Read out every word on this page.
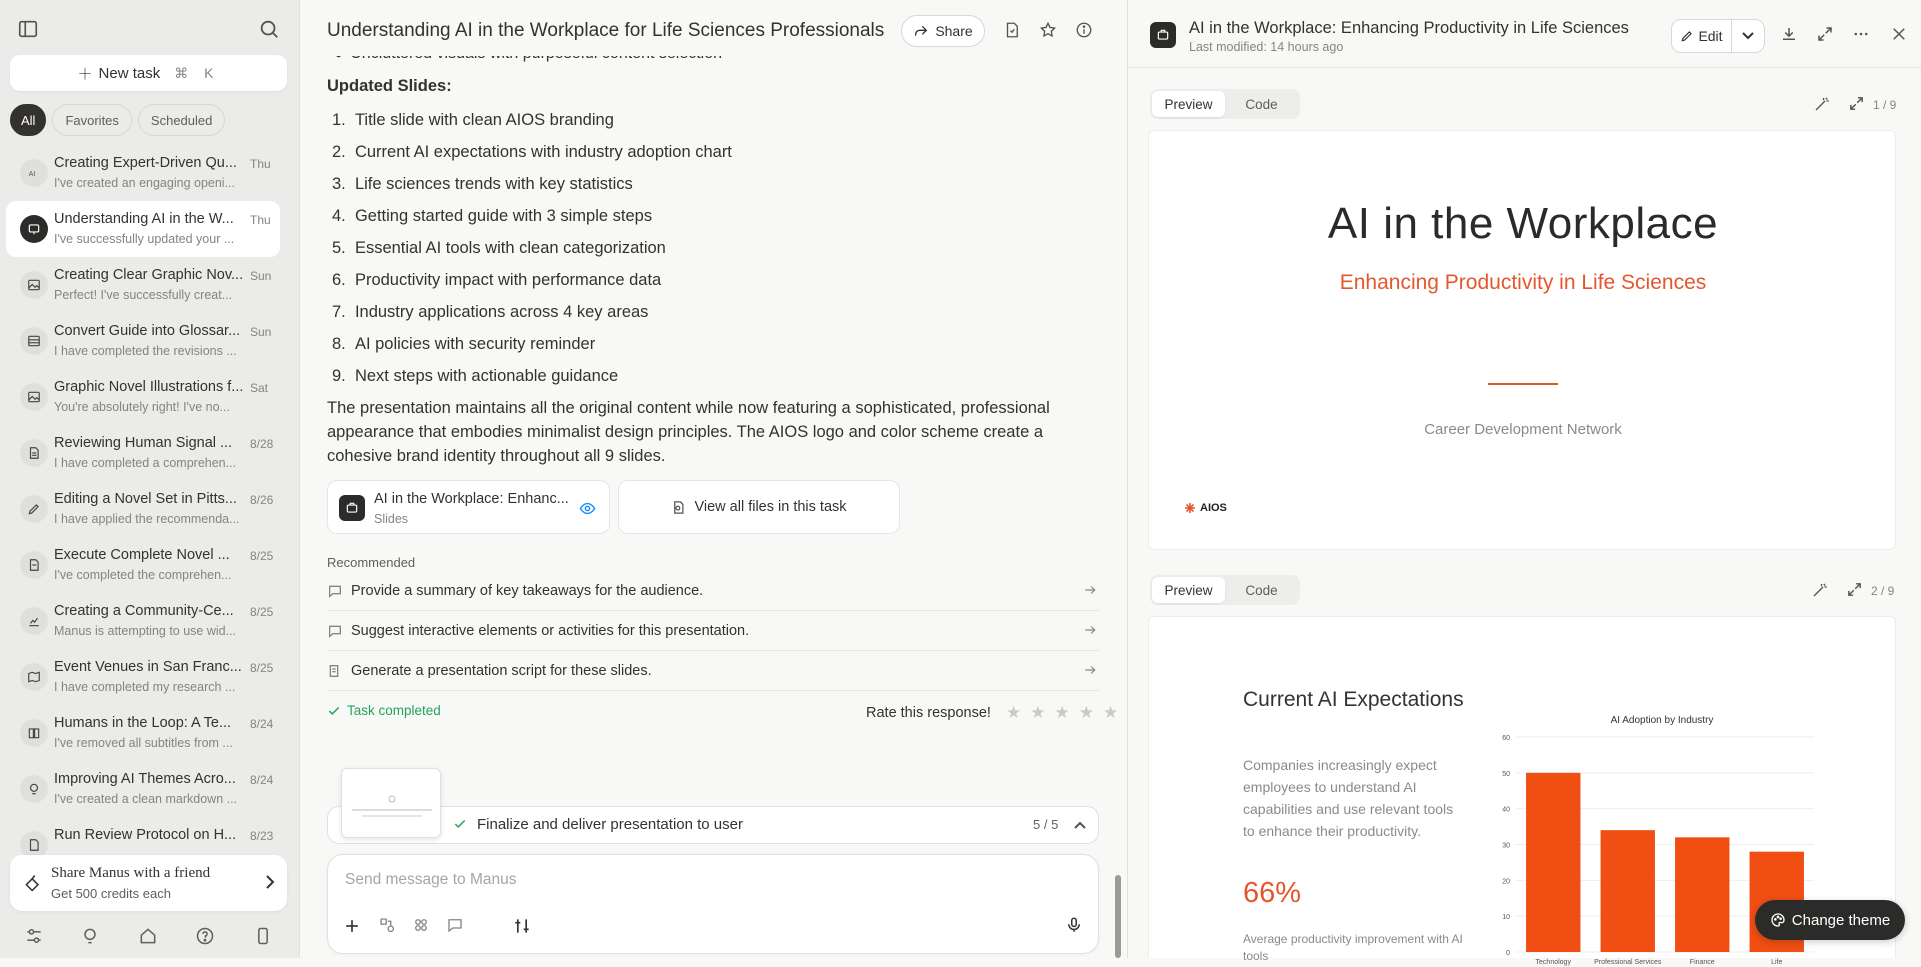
＋ New task ⌘ K
All	Favorites	Scheduled
AI
Creating Expert-Driven Qu...	Thu
I've created an engaging openi...
Understanding AI in the W...	Thu
I've successfully updated your ...
Creating Clear Graphic Nov... Sun
Perfect! I've successfully creat...
Convert Guide into Glossar... Sun
I have completed the revisions ...
Graphic Novel Illustrations f... Sat
You're absolutely right! I've no...
Reviewing Human Signal ...	8/28
I have completed a comprehen...
Editing a Novel Set in Pitts...	8/26
I have applied the recommenda...
Execute Complete Novel ...	8/25
I've completed the comprehen...
Creating a Community-Ce...	8/25
Manus is attempting to use wid...
Event Venues in San Franc... 8/25
I have completed my research ...
Humans in the Loop: A Te...	8/24
I've removed all subtitles from ...
Improving AI Themes Acro...	8/24
I've created a clean markdown ...
Run Review Protocol on H...	8/23
Share Manus with a friend
Get 500 credits each
Understanding AI in the Workplace for Life Sciences Professionals	Share
Updated Slides:
1.  Title slide with clean AIOS branding
2.  Current AI expectations with industry adoption chart
3.  Life sciences trends with key statistics
4.  Getting started guide with 3 simple steps
5.  Essential AI tools with clean categorization
6.  Productivity impact with performance data
7.  Industry applications across 4 key areas
8.  AI policies with security reminder
9.  Next steps with actionable guidance
The presentation maintains all the original content while now featuring a sophisticated, professional appearance that embodies minimalist design principles. The AIOS logo and color scheme create a cohesive brand identity throughout all 9 slides.
AI in the Workplace: Enhanc...
Slides
View all files in this task
Recommended
Provide a summary of key takeaways for the audience.
Suggest interactive elements or activities for this presentation.
Generate a presentation script for these slides.
Task completed	Rate this response! ★ ★ ★ ★ ★
Finalize and deliver presentation to user	5 / 5
Send message to Manus
AI in the Workplace: Enhancing Productivity in Life Sciences
Last modified: 14 hours ago
Edit
Preview	Code	1 / 9
AI in the Workplace
Enhancing Productivity in Life Sciences
Career Development Network
AIOS
Preview	Code	2 / 9
Current AI Expectations
Companies increasingly expect employees to understand AI capabilities and use relevant tools to enhance their productivity.
66%
Average productivity improvement with AI tools
AI Adoption by Industry
0
10
20
30
40
50
60
Technology	Professional Services	Finance	Life
Change theme
